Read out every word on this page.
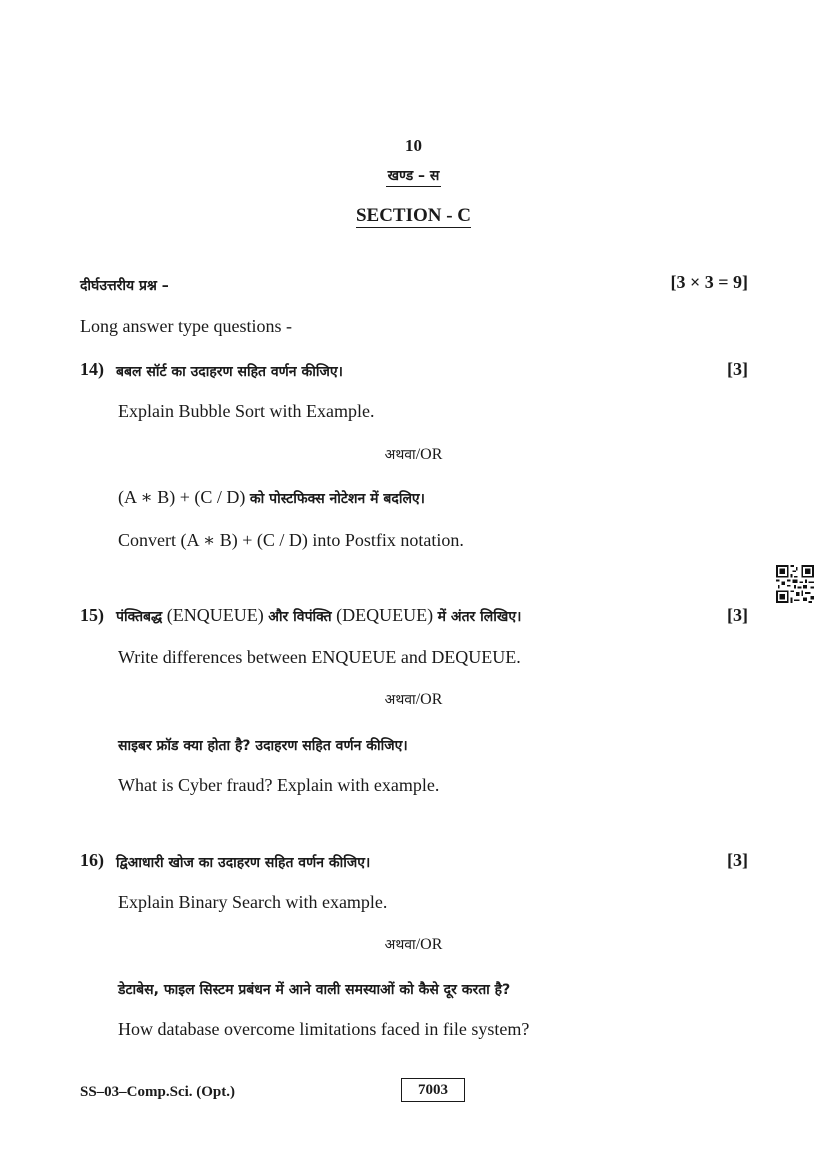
10
खण्ड – स
SECTION - C
दीर्घउत्तरीय प्रश्न –	[3 × 3 = 9]
Long answer type questions -
14) बबल सॉर्ट का उदाहरण सहित वर्णन कीजिए।	[3]
Explain Bubble Sort with Example.
अथवा/OR
(A ∗ B) + (C / D) को पोस्टफिक्स नोटेशन में बदलिए।
Convert (A ∗ B) + (C / D) into Postfix notation.
15) पंक्तिबद्ध (ENQUEUE) और विपंक्ति (DEQUEUE) में अंतर लिखिए।	[3]
Write differences between ENQUEUE and DEQUEUE.
अथवा/OR
साइबर फ्रॉड क्या होता है? उदाहरण सहित वर्णन कीजिए।
What is Cyber fraud? Explain with example.
16) द्विआधारी खोज का उदाहरण सहित वर्णन कीजिए।	[3]
Explain Binary Search with example.
अथवा/OR
डेटाबेस, फाइल सिस्टम प्रबंधन में आने वाली समस्याओं को कैसे दूर करता है?
How database overcome limitations faced in file system?
SS–03–Comp.Sci. (Opt.)	7003
